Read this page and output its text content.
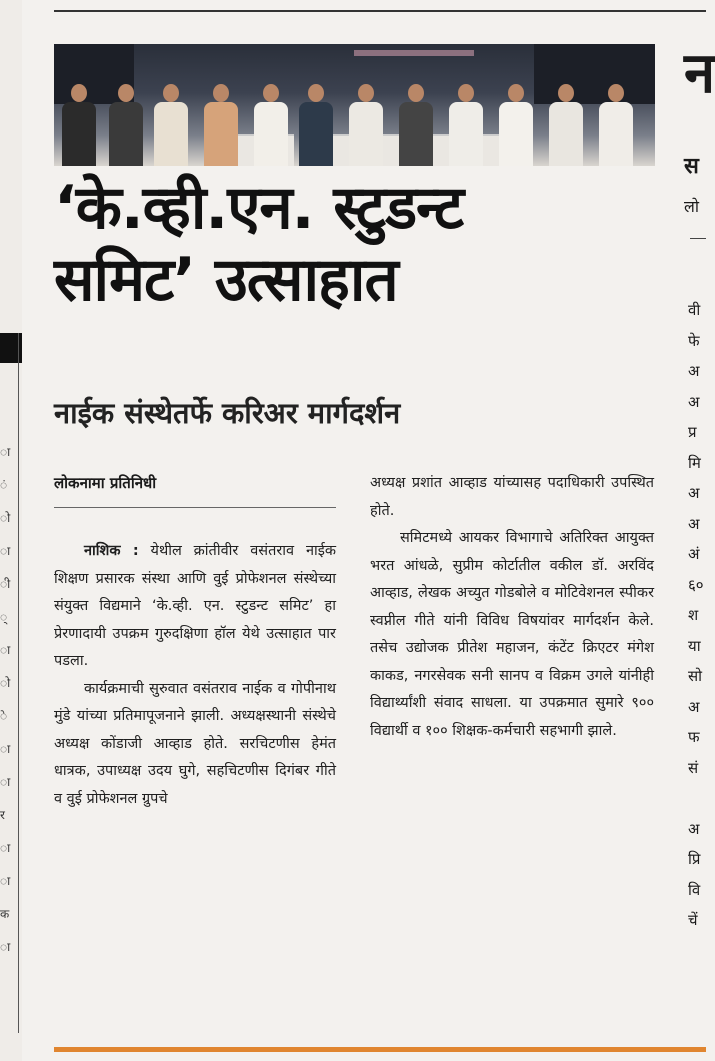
ा
ं
ो
ा
ी
्
ा
ो
े
ा
ा
र
ा
ा
क
ा
‘के.व्ही.एन. स्टुडन्ट
समिट’ उत्साहात
नाईक संस्थेतर्फे करिअर मार्गदर्शन
लोकनामा प्रतिनिधी

नाशिक : येथील क्रांतीवीर वसंतराव नाईक शिक्षण प्रसारक संस्था आणि वुई प्रोफेशनल संस्थेच्या संयुक्त विद्यमाने ‘के.व्ही. एन. स्टुडन्ट समिट’ हा प्रेरणादायी उपक्रम गुरुदक्षिणा हॉल येथे उत्साहात पार पडला.

कार्यक्रमाची सुरुवात वसंतराव नाईक व गोपीनाथ मुंडे यांच्या प्रतिमापूजनाने झाली. अध्यक्षस्थानी संस्थेचे अध्यक्ष कोंडाजी आव्हाड होते. सरचिटणीस हेमंत धात्रक, उपाध्यक्ष उदय घुगे, सहचिटणीस दिगंबर गीते व वुई प्रोफेशनल ग्रुपचे

अध्यक्ष प्रशांत आव्हाड यांच्यासह पदाधिकारी उपस्थित होते.

समिटमध्ये आयकर विभागाचे अतिरिक्त आयुक्त भरत आंधळे, सुप्रीम कोर्टातील वकील डॉ. अरविंद आव्हाड, लेखक अच्युत गोडबोले व मोटिवेशनल स्पीकर स्वप्नील गीते यांनी विविध विषयांवर मार्गदर्शन केले. तसेच उद्योजक प्रीतेश महाजन, कंटेंट क्रिएटर मंगेश काकड, नगरसेवक सनी सानप व विक्रम उगले यांनीही विद्यार्थ्यांशी संवाद साधला. या उपक्रमात सुमारे ९०० विद्यार्थी व १०० शिक्षक-कर्मचारी सहभागी झाले.

न
स
लो
वी
फे
अ
अ
प्र
मि
अ
अ
अं
६०
श
या
सो
अ
फ
सं
अ
प्रि
वि
चें
